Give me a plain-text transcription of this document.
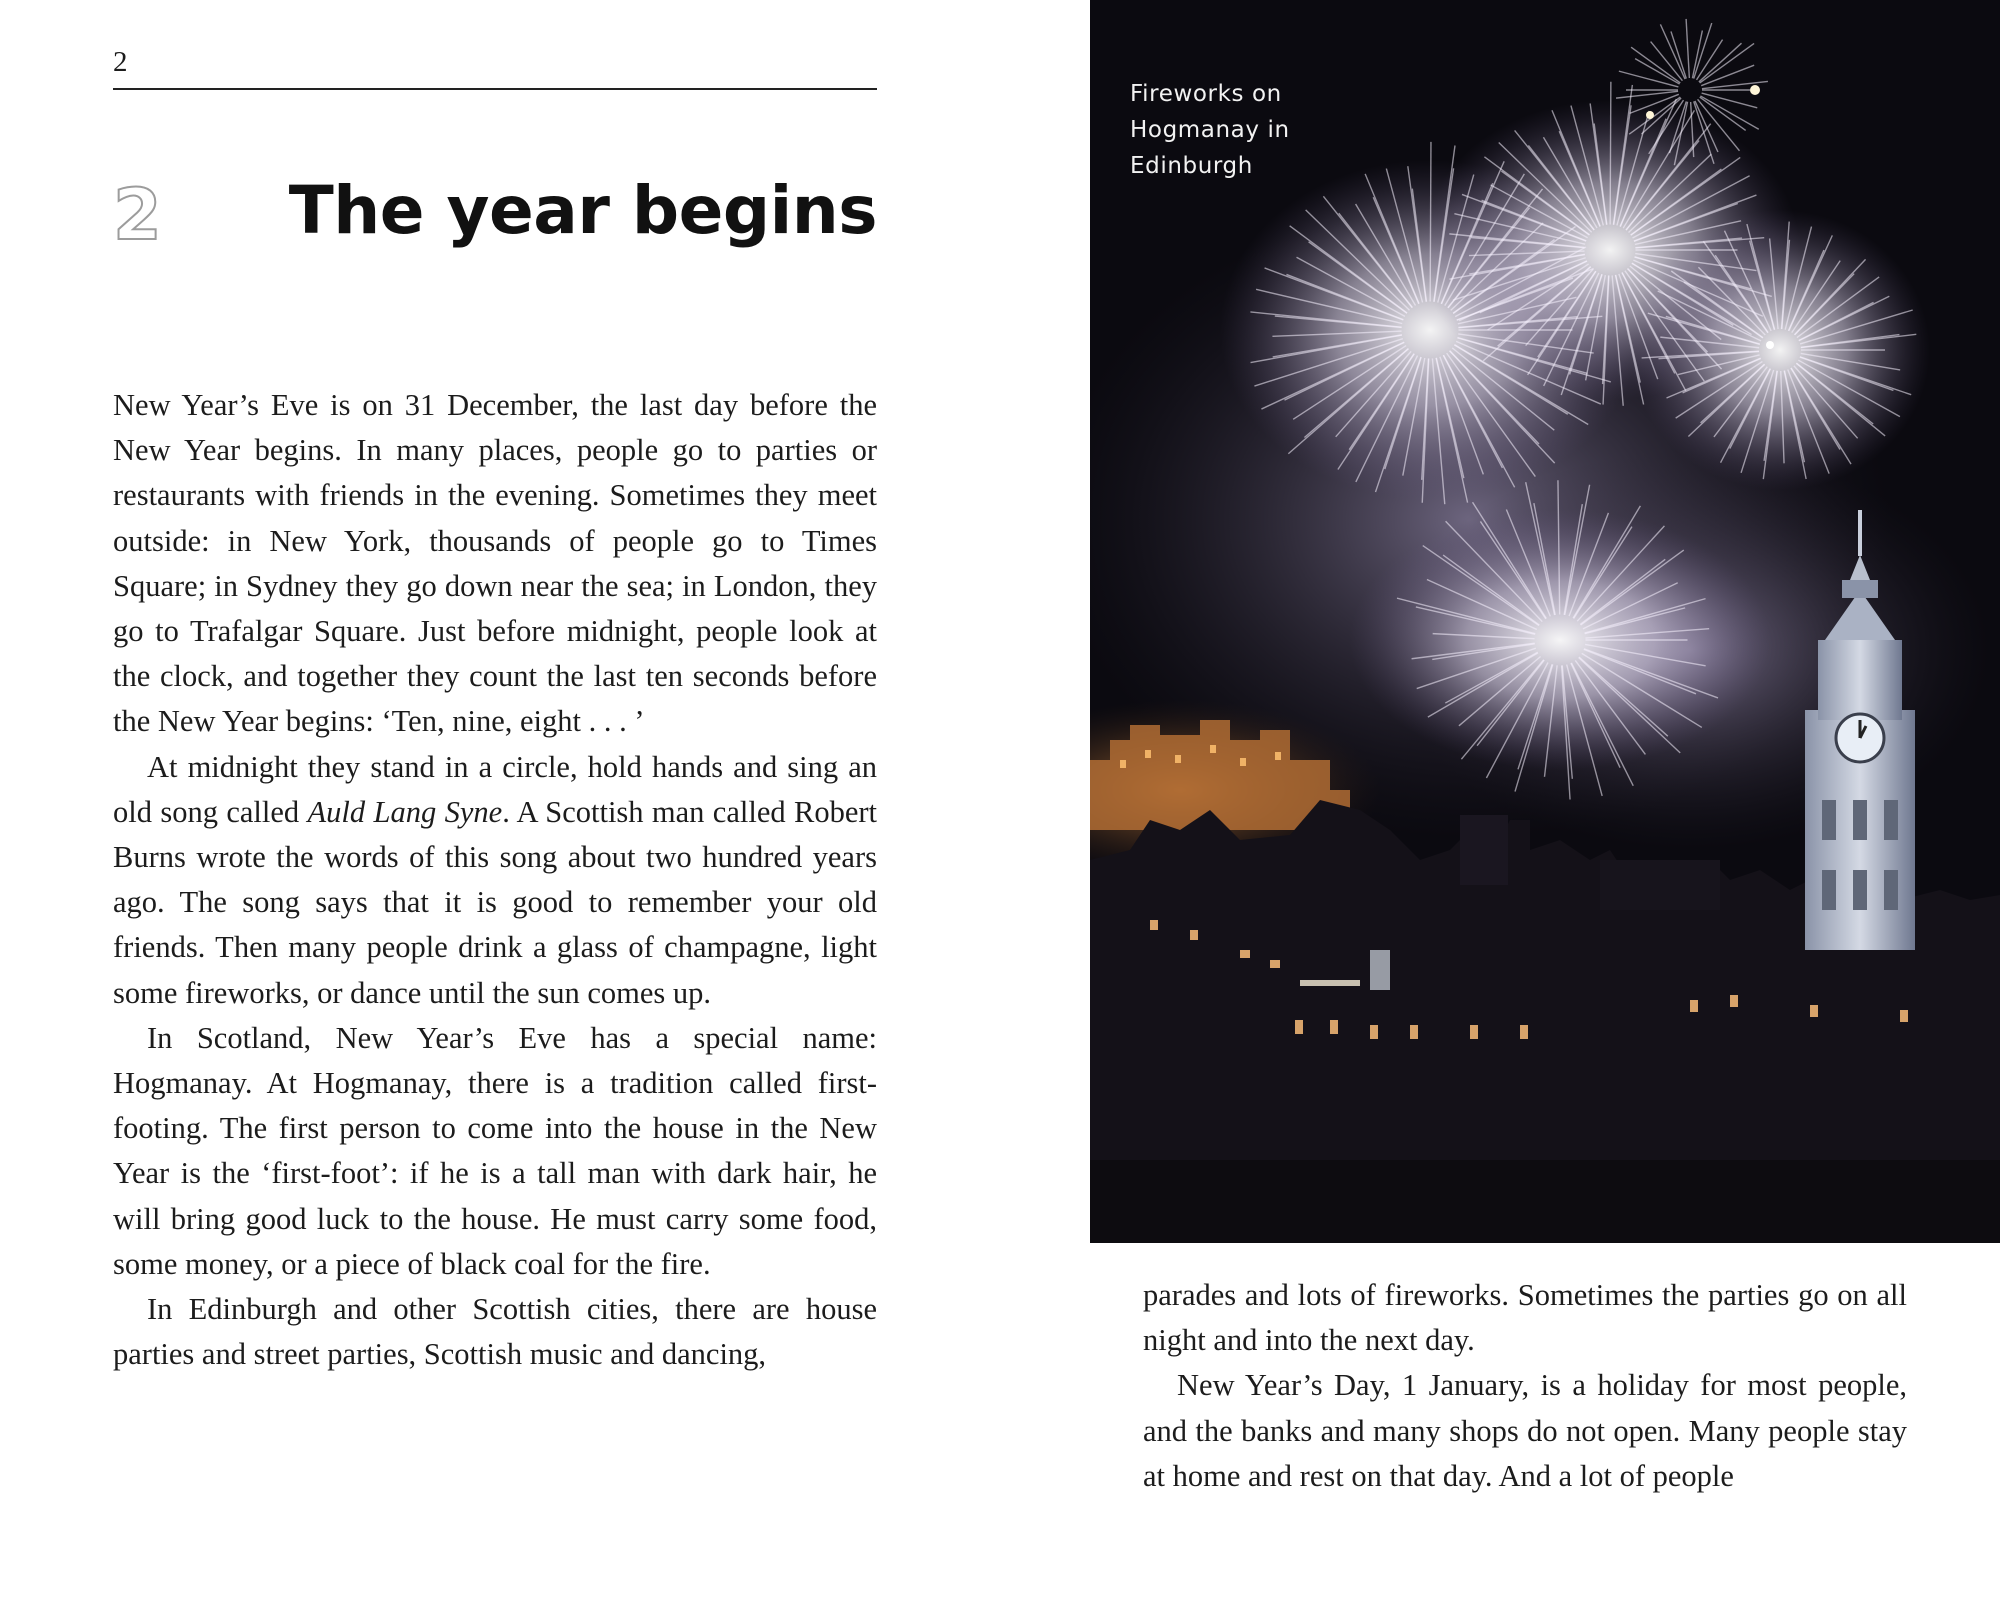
2
2 The year begins

New Year’s Eve is on 31 December, the last day before the New Year begins. In many places, people go to parties or restaurants with friends in the evening. Sometimes they meet outside: in New York, thousands of people go to Times Square; in Sydney they go down near the sea; in London, they go to Trafalgar Square. Just before midnight, people look at the clock, and together they count the last ten seconds before the New Year begins: ‘Ten, nine, eight . . . ’

At midnight they stand in a circle, hold hands and sing an old song called Auld Lang Syne. A Scottish man called Robert Burns wrote the words of this song about two hundred years ago. The song says that it is good to remember your old friends. Then many people drink a glass of champagne, light some fireworks, or dance until the sun comes up.

In Scotland, New Year’s Eve has a special name: Hogmanay. At Hogmanay, there is a tradition called first-footing. The first person to come into the house in the New Year is the ‘first-foot’: if he is a tall man with dark hair, he will bring good luck to the house. He must carry some food, some money, or a piece of black coal for the fire.

In Edinburgh and other Scottish cities, there are house parties and street parties, Scottish music and dancing,

Fireworks on
Hogmanay in
Edinburgh

parades and lots of fireworks. Sometimes the parties go on all night and into the next day.

New Year’s Day, 1 January, is a holiday for most people, and the banks and many shops do not open. Many people stay at home and rest on that day. And a lot of people
